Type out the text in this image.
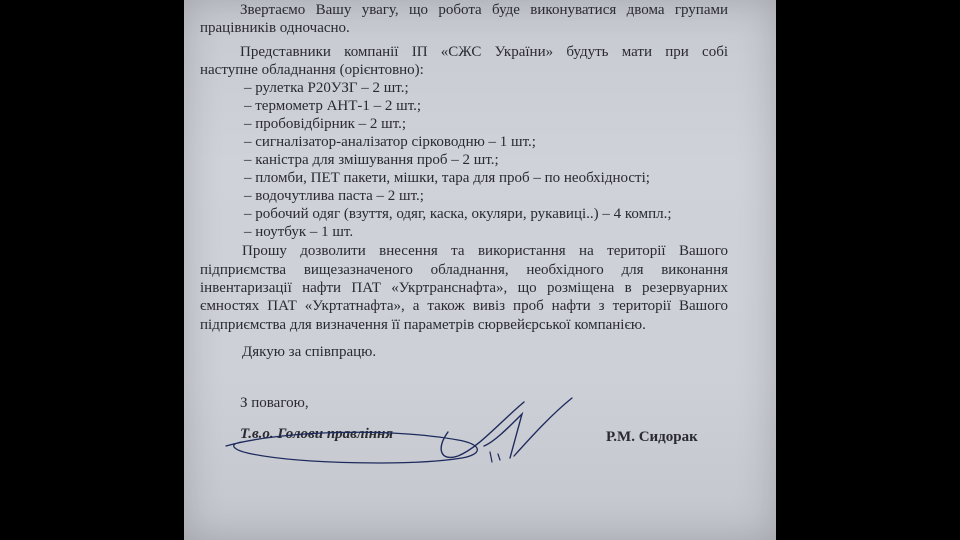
Звертаємо Вашу увагу, що робота буде виконуватися двома групами
працівників одночасно.
Представники компанії ІП «СЖС України» будуть мати при собі
наступне обладнання (орієнтовно):
– рулетка Р20УЗГ – 2 шт.;
– термометр АНТ-1 – 2 шт.;
– пробовідбірник – 2 шт.;
– сигналізатор-аналізатор сірководню – 1 шт.;
– каністра для змішування проб – 2 шт.;
– пломби, ПЕТ пакети, мішки, тара для проб – по необхідності;
– водочутлива паста – 2 шт.;
– робочий одяг (взуття, одяг, каска, окуляри, рукавиці..) – 4 компл.;
– ноутбук – 1 шт.
Прошу дозволити внесення та використання на території Вашого
підприємства вищезазначеного обладнання, необхідного для виконання
інвентаризації нафти ПАТ «Укртранснафта», що розміщена в резервуарних
ємностях ПАТ «Укртатнафта», а також вивіз проб нафти з території Вашого
підприємства для визначення її параметрів сюрвейєрської компанією.
Дякую за співпрацю.
З повагою,
Т.в.о. Голови правління	Р.М. Сидорак
